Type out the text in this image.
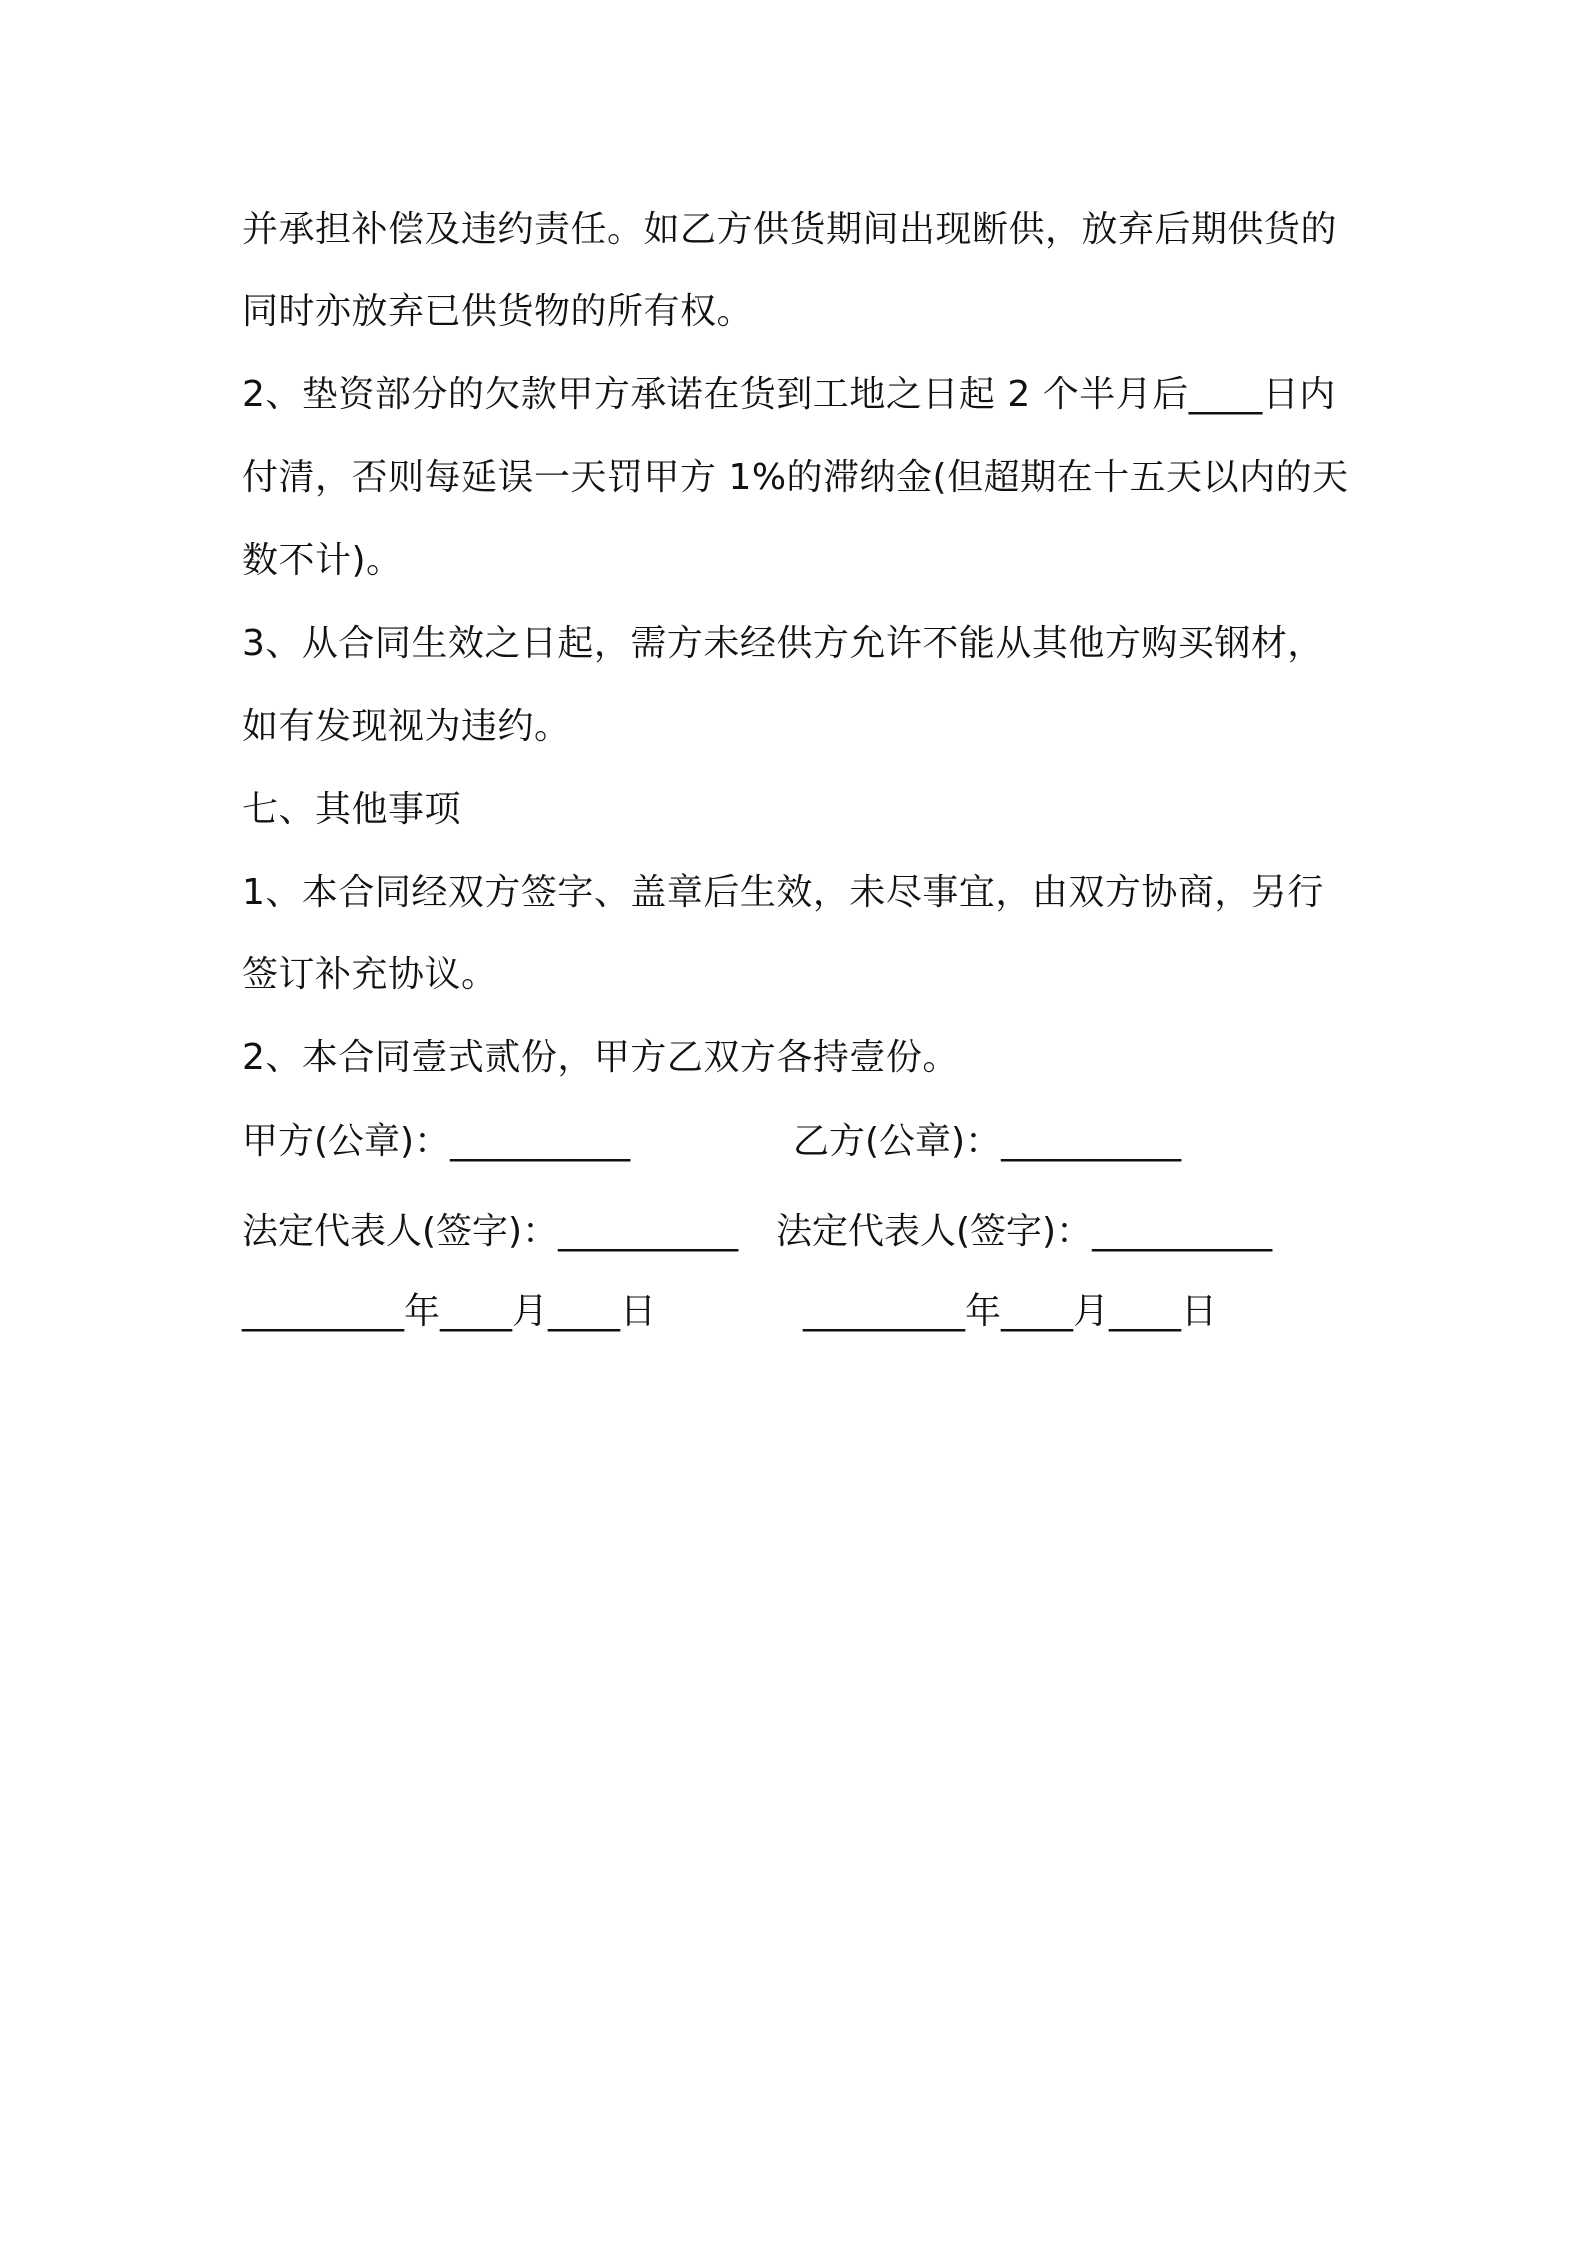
并承担补偿及违约责任。如乙方供货期间出现断供，放弃后期供货的
同时亦放弃已供货物的所有权。
2、垫资部分的欠款甲方承诺在货到工地之日起 2 个半月后____日内
付清，否则每延误一天罚甲方 1%的滞纳金(但超期在十五天以内的天
数不计)。
3、从合同生效之日起，需方未经供方允许不能从其他方购买钢材，
如有发现视为违约。
七、其他事项
1、本合同经双方签字、盖章后生效，未尽事宜，由双方协商，另行
签订补充协议。
2、本合同壹式贰份，甲方乙双方各持壹份。
甲方(公章)：__________	乙方(公章)：__________
法定代表人(签字)：__________ 法定代表人(签字)：__________
_________年____月____日	_________年____月____日
